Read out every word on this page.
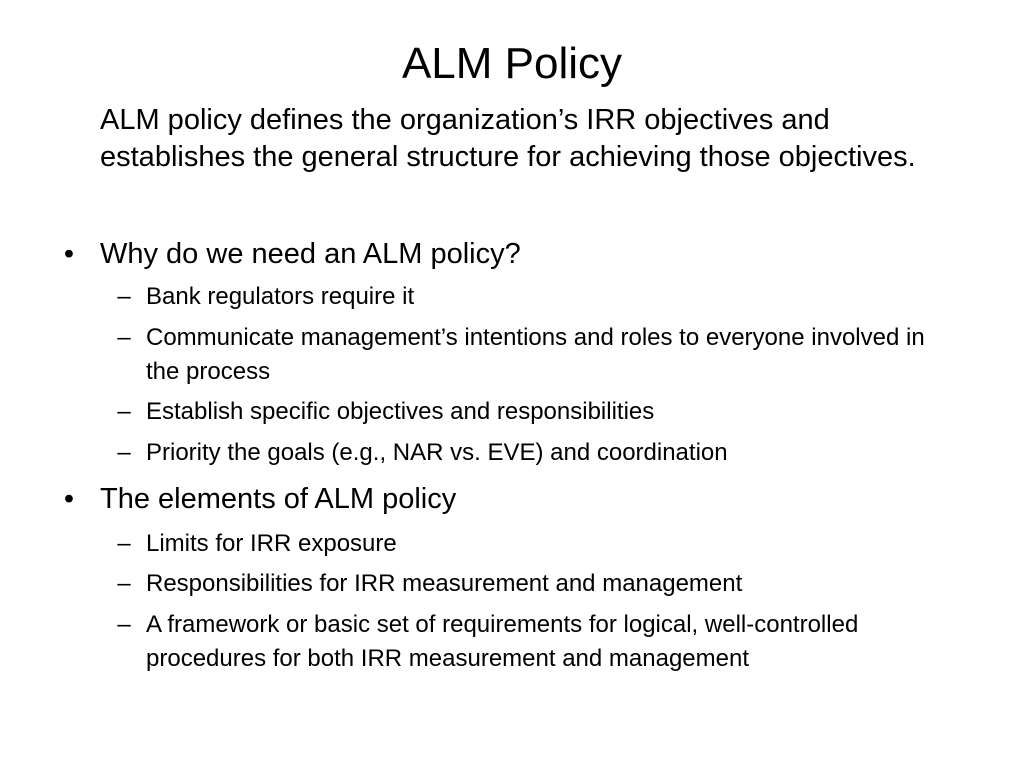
ALM Policy

ALM policy defines the organization’s IRR objectives and establishes the general structure for achieving those objectives.

• Why do we need an ALM policy?
– Bank regulators require it
– Communicate management’s intentions and roles to everyone involved in the process
– Establish specific objectives and responsibilities
– Priority the goals (e.g., NAR vs. EVE) and coordination
• The elements of ALM policy
– Limits for IRR exposure
– Responsibilities for IRR measurement and management
– A framework or basic set of requirements for logical, well-controlled procedures for both IRR measurement and management
